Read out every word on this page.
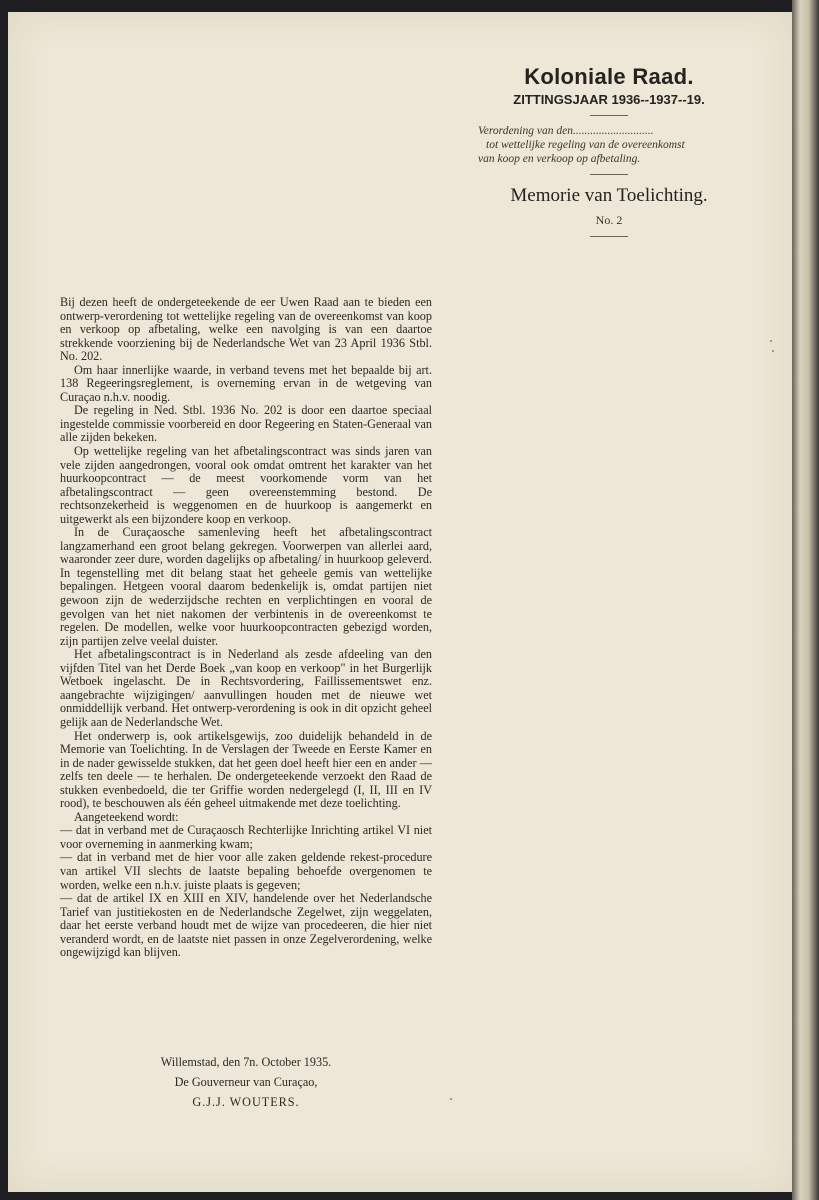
Koloniale Raad.
ZITTINGSJAAR 1936--1937--19.
Verordening van den............................
tot wettelijke regeling van de overeenkomst
van koop en verkoop op afbetaling.
Memorie van Toelichting.
No. 2

Bij dezen heeft de ondergeteekende de eer Uwen Raad aan te bieden een ontwerp-verordening tot wettelijke regeling van de overeenkomst van koop en verkoop op afbetaling, welke een navolging is van een daartoe strekkende voorziening bij de Nederlandsche Wet van 23 April 1936 Stbl. No. 202.

Om haar innerlijke waarde, in verband tevens met het bepaalde bij art. 138 Regeeringsreglement, is overneming ervan in de wetgeving van Curaçao n.h.v. noodig.

De regeling in Ned. Stbl. 1936 No. 202 is door een daartoe speciaal ingestelde commissie voorbereid en door Regeering en Staten-Generaal van alle zijden bekeken.

Op wettelijke regeling van het afbetalingscontract was sinds jaren van vele zijden aangedrongen, vooral ook omdat omtrent het karakter van het huurkoopcontract — de meest voorkomende vorm van het afbetalingscontract — geen overeenstemming bestond. De rechtsonzekerheid is weggenomen en de huurkoop is aangemerkt en uitgewerkt als een bijzondere koop en verkoop.

In de Curaçaosche samenleving heeft het afbetalingscontract langzamerhand een groot belang gekregen. Voorwerpen van allerlei aard, waaronder zeer dure, worden dagelijks op afbetaling/ in huurkoop geleverd. In tegenstelling met dit belang staat het geheele gemis van wettelijke bepalingen. Hetgeen vooral daarom bedenkelijk is, omdat partijen niet gewoon zijn de wederzijdsche rechten en verplichtingen en vooral de gevolgen van het niet nakomen der verbintenis in de overeenkomst te regelen. De modellen, welke voor huurkoopcontracten gebezigd worden, zijn partijen zelve veelal duister.

Het afbetalingscontract is in Nederland als zesde afdeeling van den vijfden Titel van het Derde Boek „van koop en verkoop" in het Burgerlijk Wetboek ingelascht. De in Rechtsvordering, Faillissementswet enz. aangebrachte wijzigingen/ aanvullingen houden met de nieuwe wet onmiddellijk verband. Het ontwerp-verordening is ook in dit opzicht geheel gelijk aan de Nederlandsche Wet.

Het onderwerp is, ook artikelsgewijs, zoo duidelijk behandeld in de Memorie van Toelichting. In de Verslagen der Tweede en Eerste Kamer en in de nader gewisselde stukken, dat het geen doel heeft hier een en ander — zelfs ten deele — te herhalen. De ondergeteekende verzoekt den Raad de stukken evenbedoeld, die ter Griffie worden nedergelegd (I, II, III en IV rood), te beschouwen als één geheel uitmakende met deze toelichting.

Aangeteekend wordt:

— dat in verband met de Curaçaosch Rechterlijke Inrichting artikel VI niet voor overneming in aanmerking kwam;

— dat in verband met de hier voor alle zaken geldende rekest-procedure van artikel VII slechts de laatste bepaling behoefde overgenomen te worden, welke een n.h.v. juiste plaats is gegeven;

— dat de artikel IX en XIII en XIV, handelende over het Nederlandsche Tarief van justitiekosten en de Nederlandsche Zegelwet, zijn weggelaten, daar het eerste verband houdt met de wijze van procedeeren, die hier niet veranderd wordt, en de laatste niet passen in onze Zegelverordening, welke ongewijzigd kan blijven.

Willemstad, den 7n. October 1935.
De Gouverneur van Curaçao,
G.J.J. WOUTERS.
